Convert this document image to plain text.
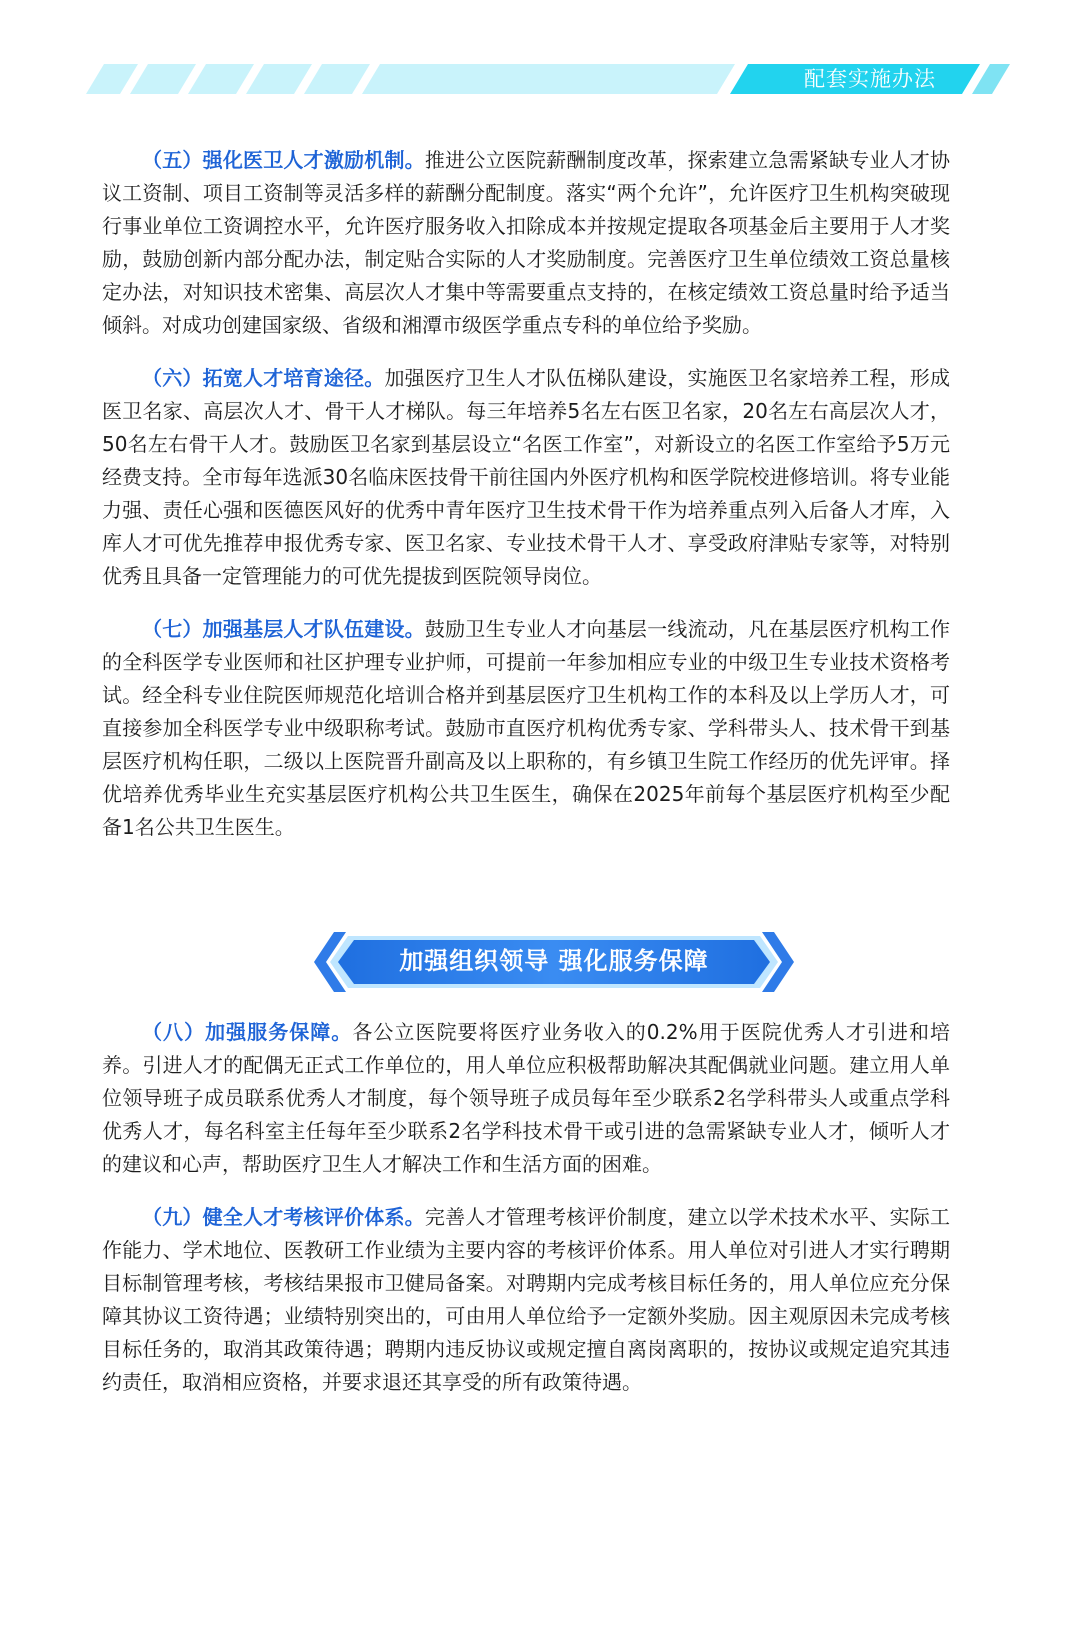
配套实施办法

（五）强化医卫人才激励机制。推进公立医院薪酬制度改革，探索建立急需紧缺专业人才协议工资制、项目工资制等灵活多样的薪酬分配制度。落实“两个允许”，允许医疗卫生机构突破现行事业单位工资调控水平，允许医疗服务收入扣除成本并按规定提取各项基金后主要用于人才奖励，鼓励创新内部分配办法，制定贴合实际的人才奖励制度。完善医疗卫生单位绩效工资总量核定办法，对知识技术密集、高层次人才集中等需要重点支持的，在核定绩效工资总量时给予适当倾斜。对成功创建国家级、省级和湘潭市级医学重点专科的单位给予奖励。

（六）拓宽人才培育途径。加强医疗卫生人才队伍梯队建设，实施医卫名家培养工程，形成医卫名家、高层次人才、骨干人才梯队。每三年培养5名左右医卫名家，20名左右高层次人才，50名左右骨干人才。鼓励医卫名家到基层设立“名医工作室”，对新设立的名医工作室给予5万元经费支持。全市每年选派30名临床医技骨干前往国内外医疗机构和医学院校进修培训。将专业能力强、责任心强和医德医风好的优秀中青年医疗卫生技术骨干作为培养重点列入后备人才库，入库人才可优先推荐申报优秀专家、医卫名家、专业技术骨干人才、享受政府津贴专家等，对特别优秀且具备一定管理能力的可优先提拔到医院领导岗位。

（七）加强基层人才队伍建设。鼓励卫生专业人才向基层一线流动，凡在基层医疗机构工作的全科医学专业医师和社区护理专业护师，可提前一年参加相应专业的中级卫生专业技术资格考试。经全科专业住院医师规范化培训合格并到基层医疗卫生机构工作的本科及以上学历人才，可直接参加全科医学专业中级职称考试。鼓励市直医疗机构优秀专家、学科带头人、技术骨干到基层医疗机构任职，二级以上医院晋升副高及以上职称的，有乡镇卫生院工作经历的优先评审。择优培养优秀毕业生充实基层医疗机构公共卫生医生，确保在2025年前每个基层医疗机构至少配备1名公共卫生医生。

加强组织领导 强化服务保障

（八）加强服务保障。各公立医院要将医疗业务收入的0.2%用于医院优秀人才引进和培养。引进人才的配偶无正式工作单位的，用人单位应积极帮助解决其配偶就业问题。建立用人单位领导班子成员联系优秀人才制度，每个领导班子成员每年至少联系2名学科带头人或重点学科优秀人才，每名科室主任每年至少联系2名学科技术骨干或引进的急需紧缺专业人才，倾听人才的建议和心声，帮助医疗卫生人才解决工作和生活方面的困难。

（九）健全人才考核评价体系。完善人才管理考核评价制度，建立以学术技术水平、实际工作能力、学术地位、医教研工作业绩为主要内容的考核评价体系。用人单位对引进人才实行聘期目标制管理考核，考核结果报市卫健局备案。对聘期内完成考核目标任务的，用人单位应充分保障其协议工资待遇；业绩特别突出的，可由用人单位给予一定额外奖励。因主观原因未完成考核目标任务的，取消其政策待遇；聘期内违反协议或规定擅自离岗离职的，按协议或规定追究其违约责任，取消相应资格，并要求退还其享受的所有政策待遇。
